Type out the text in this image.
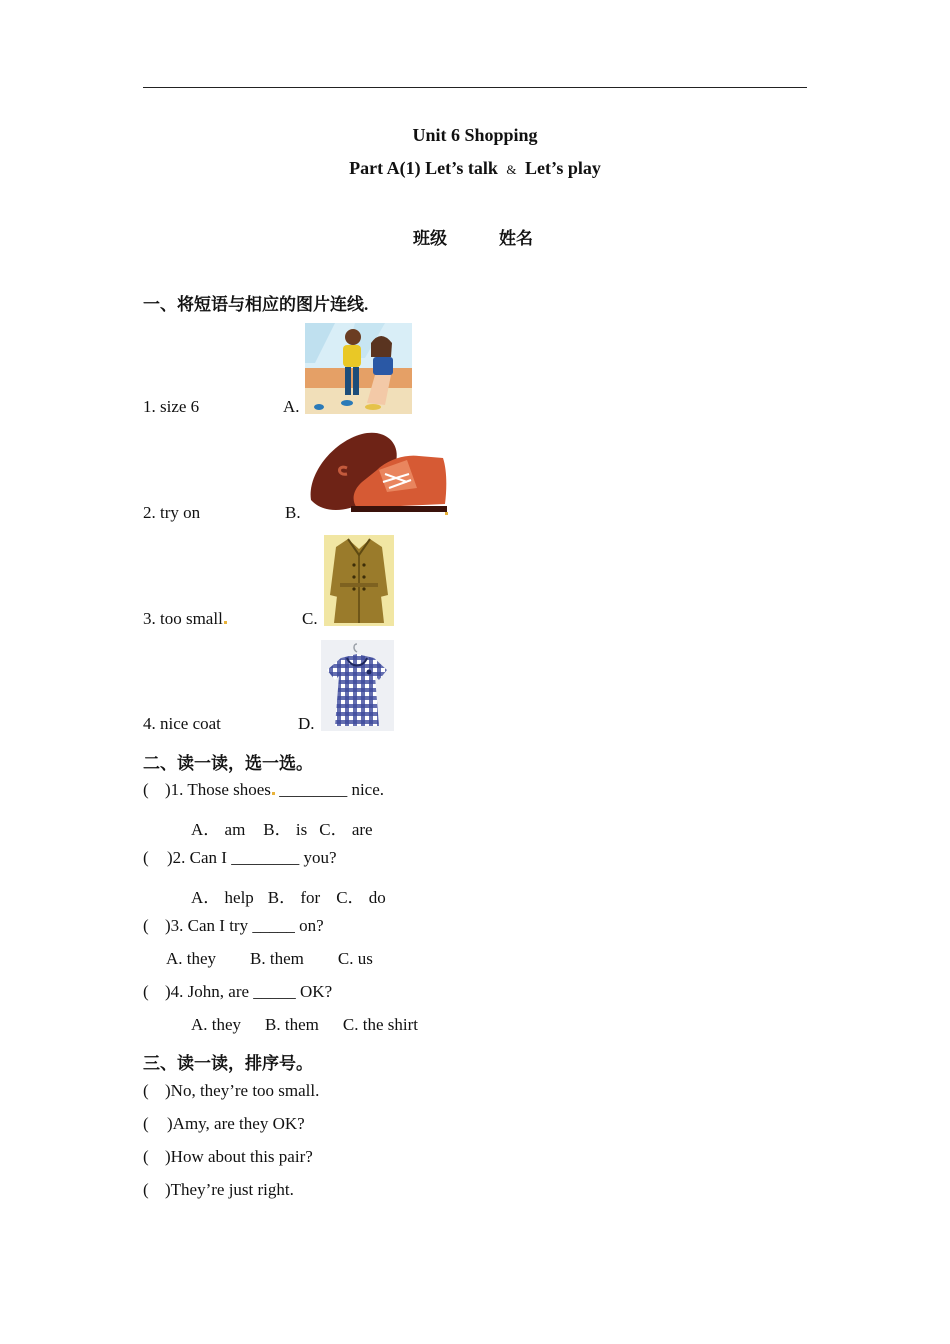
Unit 6 Shopping
Part A(1) Let’s talk & Let’s play
班级	姓名
一、将短语与相应的图片连线.
1. size 6	A.
2. try on	B.
3. too small	C.
4. nice coat	D.
二、读一读，选一选。
( )1. Those shoes ________ nice.
A． am B． is C． are
( )2. Can I ________ you?
A． help B． for C． do
( )3. Can I try _____ on?
A. they B. them C. us
( )4. John, are _____ OK?
A. they B. them C. the shirt
三、读一读，排序号。
( )No, they’re too small.
( )Amy, are they OK?
( )How about this pair?
( )They’re just right.
